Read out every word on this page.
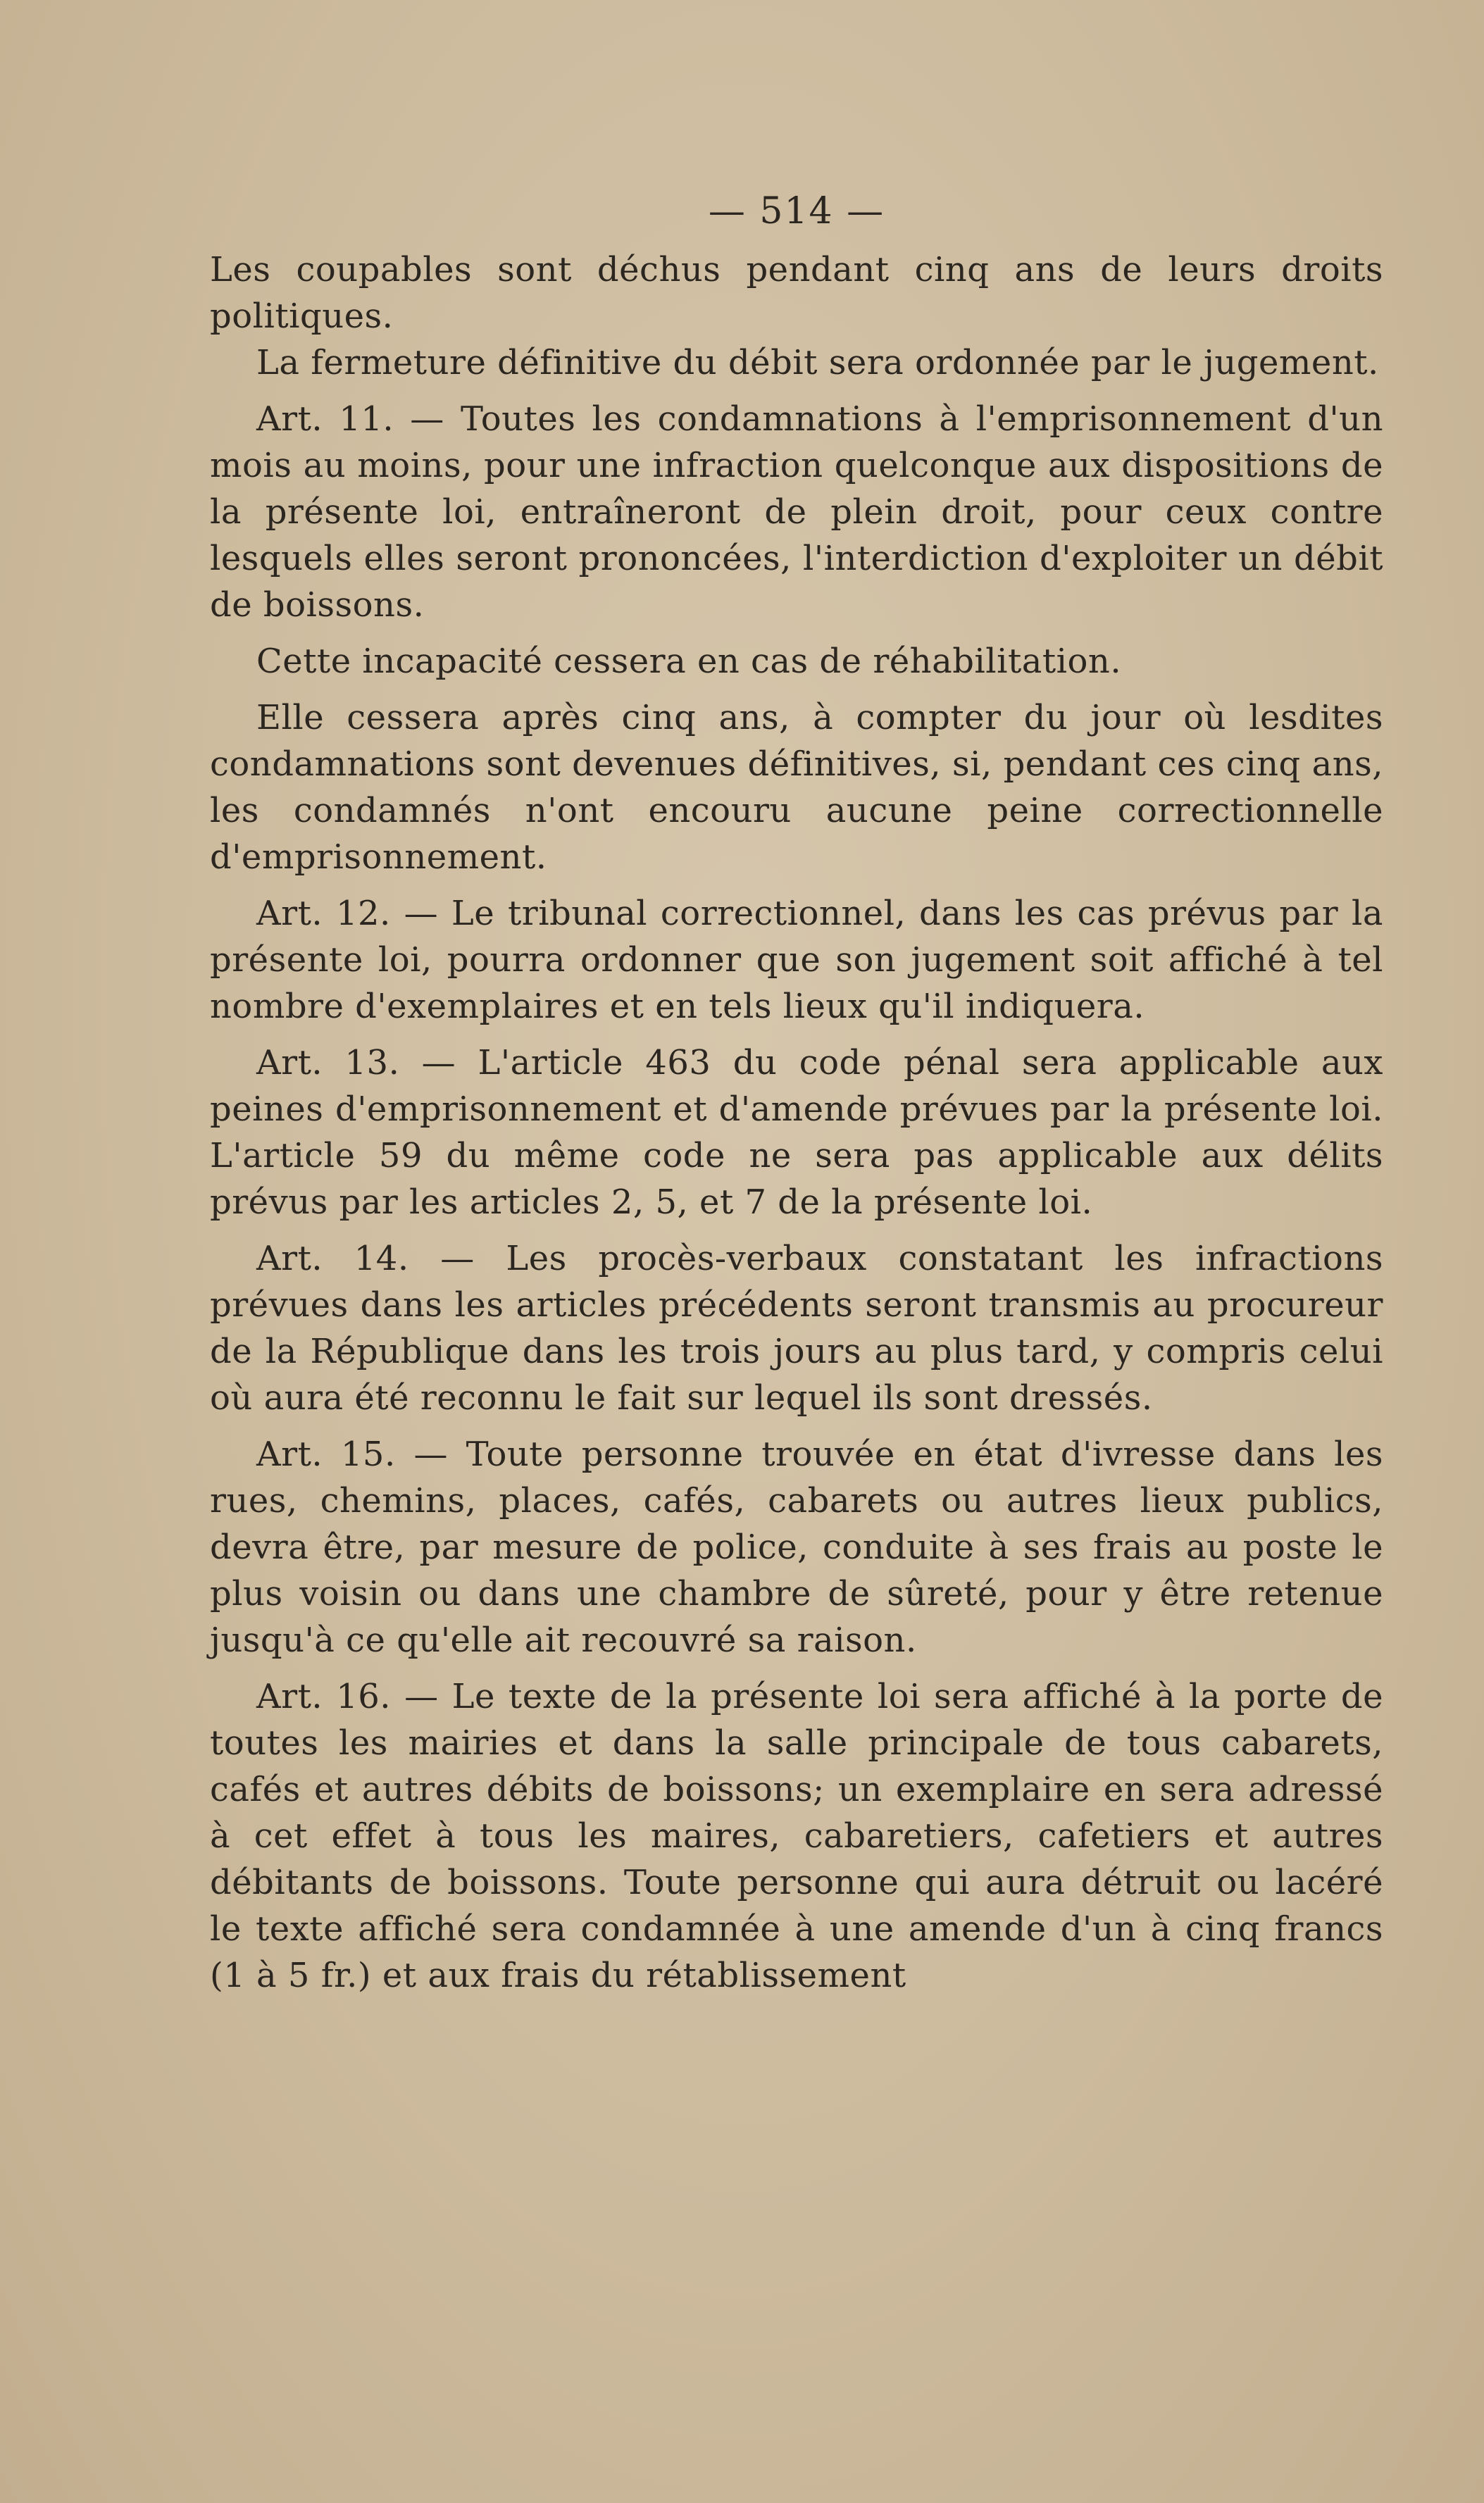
— 514 —

Les coupables sont déchus pendant cinq ans de leurs droits politiques.

La fermeture définitive du débit sera ordonnée par le jugement.

Art. 11. — Toutes les condamnations à l'emprisonnement d'un mois au moins, pour une infraction quelconque aux dispositions de la présente loi, entraîneront de plein droit, pour ceux contre lesquels elles seront prononcées, l'interdiction d'exploiter un débit de boissons.

Cette incapacité cessera en cas de réhabilitation.

Elle cessera après cinq ans, à compter du jour où lesdites condamnations sont devenues définitives, si, pendant ces cinq ans, les condamnés n'ont encouru aucune peine correctionnelle d'emprisonnement.

Art. 12. — Le tribunal correctionnel, dans les cas prévus par la présente loi, pourra ordonner que son jugement soit affiché à tel nombre d'exemplaires et en tels lieux qu'il indiquera.

Art. 13. — L'article 463 du code pénal sera applicable aux peines d'emprisonnement et d'amende prévues par la présente loi. L'article 59 du même code ne sera pas applicable aux délits prévus par les articles 2, 5, et 7 de la présente loi.

Art. 14. — Les procès-verbaux constatant les infractions prévues dans les articles précédents seront transmis au procureur de la République dans les trois jours au plus tard, y compris celui où aura été reconnu le fait sur lequel ils sont dressés.

Art. 15. — Toute personne trouvée en état d'ivresse dans les rues, chemins, places, cafés, cabarets ou autres lieux publics, devra être, par mesure de police, conduite à ses frais au poste le plus voisin ou dans une chambre de sûreté, pour y être retenue jusqu'à ce qu'elle ait recouvré sa raison.

Art. 16. — Le texte de la présente loi sera affiché à la porte de toutes les mairies et dans la salle principale de tous cabarets, cafés et autres débits de boissons; un exemplaire en sera adressé à cet effet à tous les maires, cabaretiers, cafetiers et autres débitants de boissons. Toute personne qui aura détruit ou lacéré le texte affiché sera condamnée à une amende d'un à cinq francs (1 à 5 fr.) et aux frais du rétablissement
